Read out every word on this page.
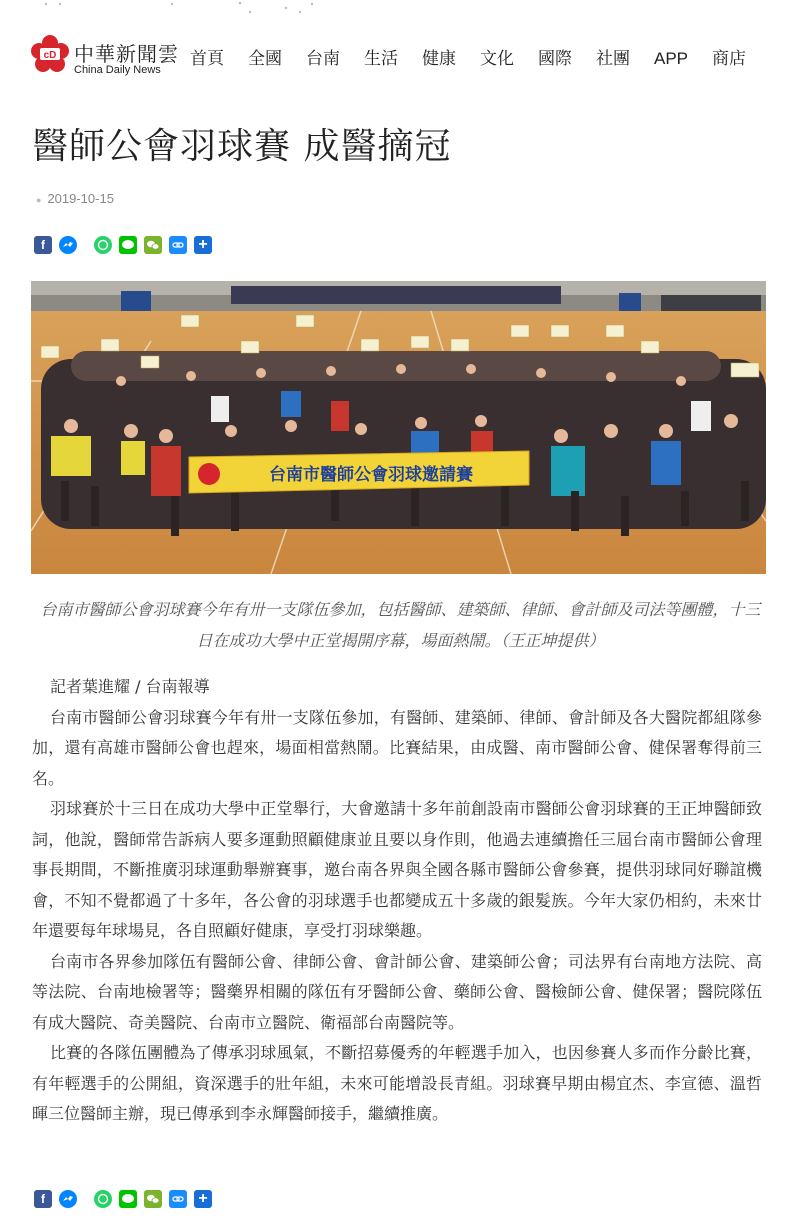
cD 中華新聞雲
China Daily News
首頁 全國 台南 生活 健康 文化 國際 社團 APP 商店
醫師公會羽球賽 成醫摘冠
● 2019-10-15
f	+
台南市醫師公會羽球邀請賽
台南市醫師公會羽球賽今年有卅一支隊伍參加，包括醫師、建築師、律師、會計師及司法等團體，十三日在成功大學中正堂揭開序幕，場面熱鬧。（王正坤提供）

記者葉進耀 / 台南報導

台南市醫師公會羽球賽今年有卅一支隊伍參加，有醫師、建築師、律師、會計師及各大醫院都組隊參加，還有高雄市醫師公會也趕來，場面相當熱鬧。比賽結果，由成醫、南市醫師公會、健保署奪得前三名。

羽球賽於十三日在成功大學中正堂舉行，大會邀請十多年前創設南市醫師公會羽球賽的王正坤醫師致詞，他說，醫師常告訴病人要多運動照顧健康並且要以身作則，他過去連續擔任三屆台南市醫師公會理事長期間，不斷推廣羽球運動舉辦賽事，邀台南各界與全國各縣市醫師公會參賽，提供羽球同好聯誼機會，不知不覺都過了十多年，各公會的羽球選手也都變成五十多歲的銀髮族。今年大家仍相約，未來廿年還要每年球場見，各自照顧好健康，享受打羽球樂趣。

台南市各界參加隊伍有醫師公會、律師公會、會計師公會、建築師公會；司法界有台南地方法院、高等法院、台南地檢署等；醫藥界相關的隊伍有牙醫師公會、藥師公會、醫檢師公會、健保署；醫院隊伍有成大醫院、奇美醫院、台南市立醫院、衛福部台南醫院等。

比賽的各隊伍團體為了傳承羽球風氣，不斷招募優秀的年輕選手加入，也因參賽人多而作分齡比賽，有年輕選手的公開組，資深選手的壯年組，未來可能增設長青組。羽球賽早期由楊宜杰、李宣德、溫哲暉三位醫師主辦，現已傳承到李永輝醫師接手，繼續推廣。

f	+
